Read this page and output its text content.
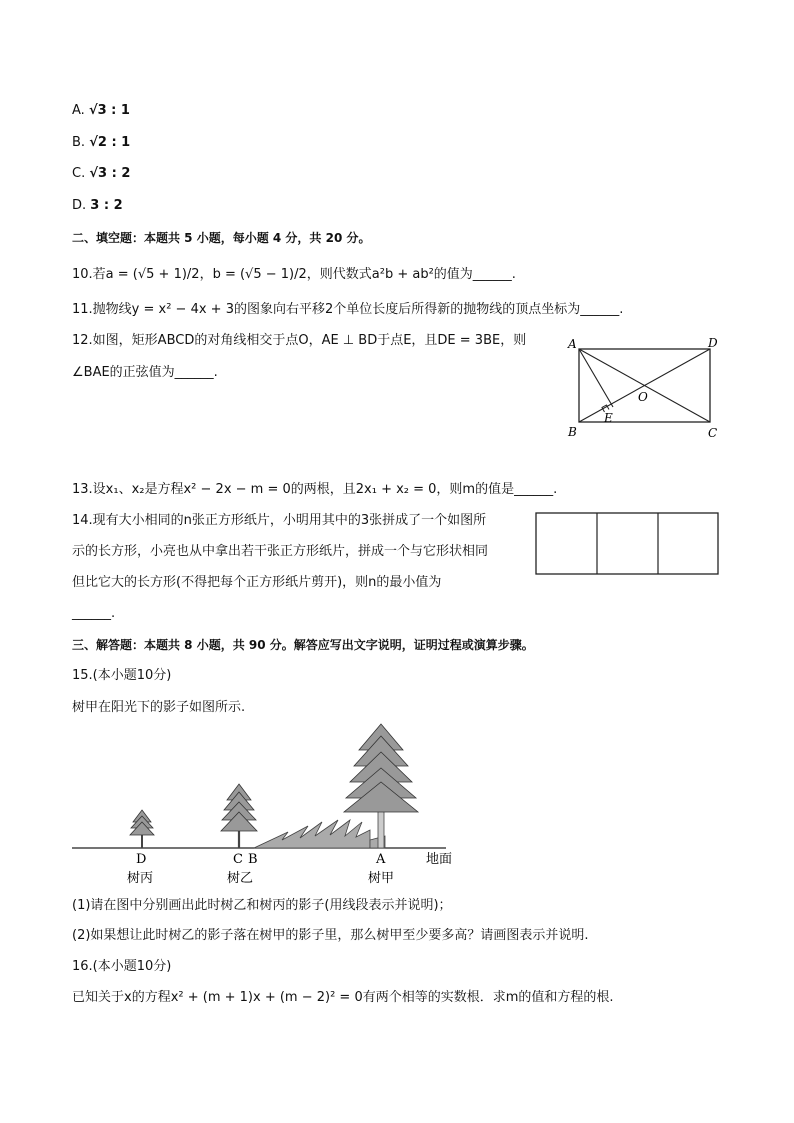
A. √3 : 1
B. √2 : 1
C. √3 : 2
D. 3 : 2
二、填空题：本题共 5 小题，每小题 4 分，共 20 分。
10.若a = (√5 + 1)/2，b = (√5 − 1)/2，则代数式a²b + ab²的值为______.
11.抛物线y = x² − 4x + 3的图象向右平移2个单位长度后所得新的抛物线的顶点坐标为______.
12.如图，矩形ABCD的对角线相交于点O，AE ⊥ BD于点E，且DE = 3BE，则
∠BAE的正弦值为______.
A	D
B	C
E
O
13.设x₁、x₂是方程x² − 2x − m = 0的两根，且2x₁ + x₂ = 0，则m的值是______.
14.现有大小相同的n张正方形纸片，小明用其中的3张拼成了一个如图所
示的长方形，小亮也从中拿出若干张正方形纸片，拼成一个与它形状相同
但比它大的长方形(不得把每个正方形纸片剪开)，则n的最小值为
______.
三、解答题：本题共 8 小题，共 90 分。解答应写出文字说明，证明过程或演算步骤。
15.(本小题10分)
树甲在阳光下的影子如图所示.
D	C B	A	地面
树丙	树乙	树甲
(1)请在图中分别画出此时树乙和树丙的影子(用线段表示并说明)；
(2)如果想让此时树乙的影子落在树甲的影子里，那么树甲至少要多高？请画图表示并说明.
16.(本小题10分)
已知关于x的方程x² + (m + 1)x + (m − 2)² = 0有两个相等的实数根．求m的值和方程的根.
